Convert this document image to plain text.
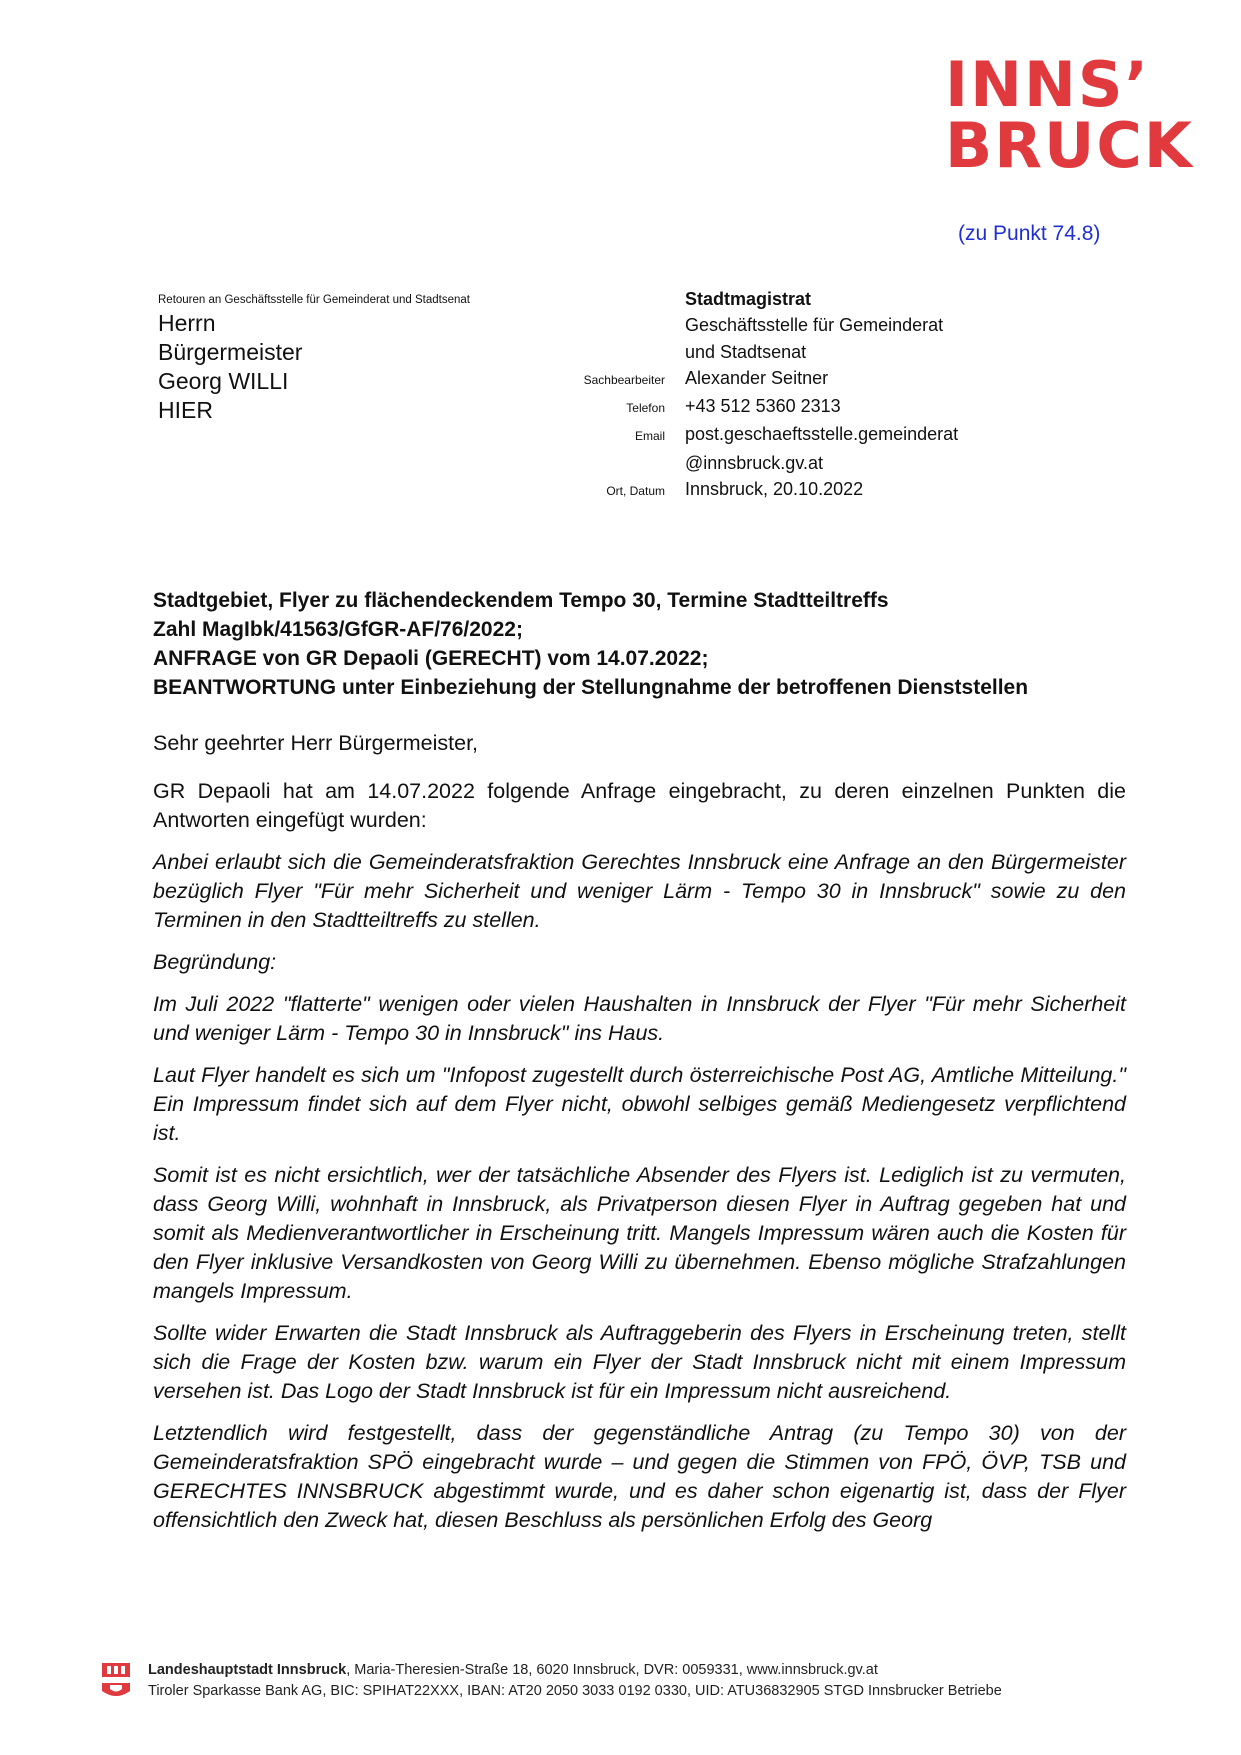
INNS’
BRUCK
(zu Punkt 74.8)
Retouren an Geschäftsstelle für Gemeinderat und Stadtsenat
Herrn
Bürgermeister
Georg WILLI
HIER
Stadtmagistrat
Geschäftsstelle für Gemeinderat
und Stadtsenat
Sachbearbeiter	Alexander Seitner
Telefon	+43 512 5360 2313
Email	post.geschaeftsstelle.gemeinderat
@innsbruck.gv.at
Ort, Datum	Innsbruck, 20.10.2022
Stadtgebiet, Flyer zu flächendeckendem Tempo 30, Termine Stadtteiltreffs
Zahl MagIbk/41563/GfGR-AF/76/2022;
ANFRAGE von GR Depaoli (GERECHT) vom 14.07.2022;
BEANTWORTUNG unter Einbeziehung der Stellungnahme der betroffenen Dienststellen

Sehr geehrter Herr Bürgermeister,

GR Depaoli hat am 14.07.2022 folgende Anfrage eingebracht, zu deren einzelnen Punkten die Antworten eingefügt wurden:

Anbei erlaubt sich die Gemeinderatsfraktion Gerechtes Innsbruck eine Anfrage an den Bürgermeister bezüglich Flyer "Für mehr Sicherheit und weniger Lärm - Tempo 30 in Innsbruck" sowie zu den Terminen in den Stadtteiltreffs zu stellen.

Begründung:

Im Juli 2022 "flatterte" wenigen oder vielen Haushalten in Innsbruck der Flyer "Für mehr Sicherheit und weniger Lärm - Tempo 30 in Innsbruck" ins Haus.

Laut Flyer handelt es sich um "Infopost zugestellt durch österreichische Post AG, Amtliche Mitteilung." Ein Impressum findet sich auf dem Flyer nicht, obwohl selbiges gemäß Mediengesetz verpflichtend ist.

Somit ist es nicht ersichtlich, wer der tatsächliche Absender des Flyers ist. Lediglich ist zu vermuten, dass Georg Willi, wohnhaft in Innsbruck, als Privatperson diesen Flyer in Auftrag gegeben hat und somit als Medienverantwortlicher in Erscheinung tritt. Mangels Impressum wären auch die Kosten für den Flyer inklusive Versandkosten von Georg Willi zu übernehmen. Ebenso mögliche Strafzahlungen mangels Impressum.

Sollte wider Erwarten die Stadt Innsbruck als Auftraggeberin des Flyers in Erscheinung treten, stellt sich die Frage der Kosten bzw. warum ein Flyer der Stadt Innsbruck nicht mit einem Impressum versehen ist. Das Logo der Stadt Innsbruck ist für ein Impressum nicht ausreichend.

Letztendlich wird festgestellt, dass der gegenständliche Antrag (zu Tempo 30) von der Gemeinderatsfraktion SPÖ eingebracht wurde – und gegen die Stimmen von FPÖ, ÖVP, TSB und GERECHTES INNSBRUCK abgestimmt wurde, und es daher schon eigenartig ist, dass der Flyer offensichtlich den Zweck hat, diesen Beschluss als persönlichen Erfolg des Georg

Landeshauptstadt Innsbruck, Maria-Theresien-Straße 18, 6020 Innsbruck, DVR: 0059331, www.innsbruck.gv.at
Tiroler Sparkasse Bank AG, BIC: SPIHAT22XXX, IBAN: AT20 2050 3033 0192 0330, UID: ATU36832905 STGD Innsbrucker Betriebe
